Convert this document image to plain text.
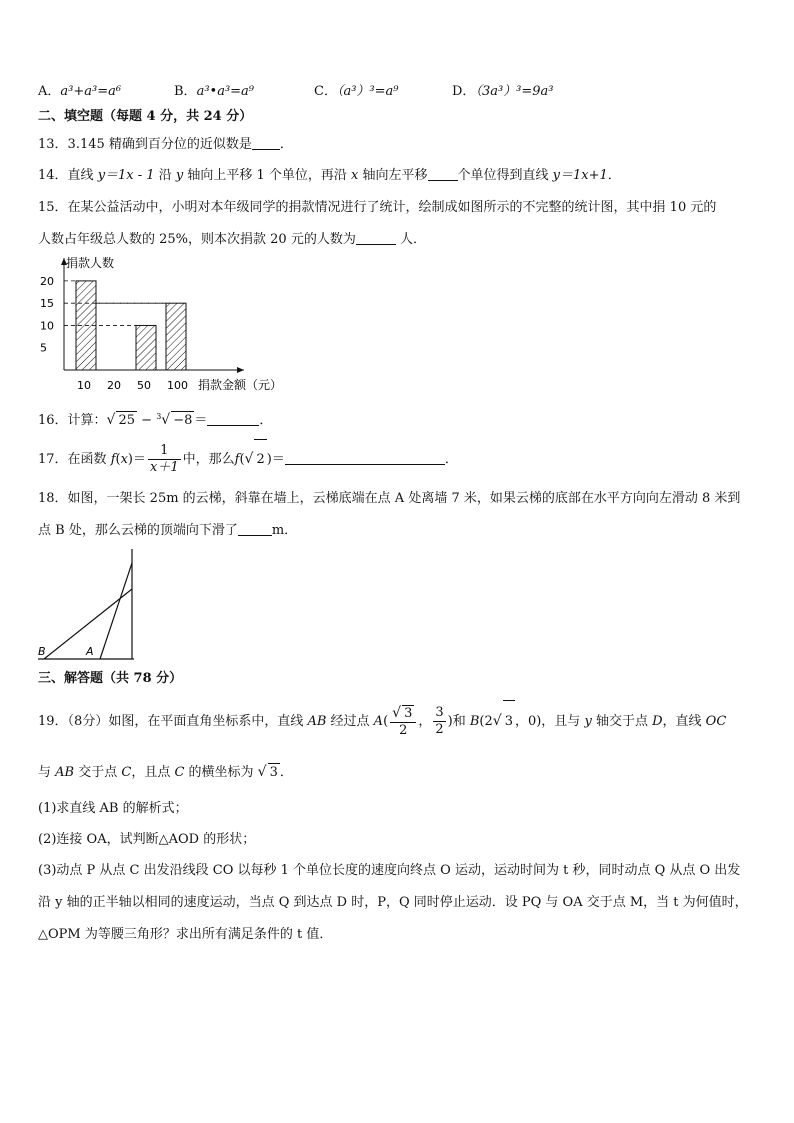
A．a³+a³=a⁶	B．a³•a³=a⁹	C．（a³）³=a⁹	D．（3a³）³=9a³
二、填空题（每题 4 分，共 24 分）
13．3.145 精确到百分位的近似数是 ．
14．直线 y＝1x - 1 沿 y 轴向上平移 1 个单位，再沿 x 轴向左平移 个单位得到直线 y＝1x+1．
15．在某公益活动中，小明对本年级同学的捐款情况进行了统计，绘制成如图所示的不完整的统计图，其中捐 10 元的
人数占年级总人数的 25%，则本次捐款 20 元的人数为	人．
捐款人数
20
15
10
5
10 20 50 100 捐款金额（元）
16．计算：√ 25 − $^3$√ −8 ＝	．
17．在函数 $f(x)= \frac{1}{x+1}$ 中，那么f(√ 2 )＝	．
18．如图，一架长 25m 的云梯，斜靠在墙上，云梯底端在点 A 处离墙 7 米，如果云梯的底部在水平方向向左滑动 8 米到
点 B 处，那么云梯的顶端向下滑了	m．
B	A
三、解答题（共 78 分）
19．（8分）如图，在平面直角坐标系中，直线 AB 经过点 $A( \frac{√ 3}{2}$ ， $\frac{3}{2}$ )和 B(2√ 3 ，0)，且与 y 轴交于点 D，直线 OC
与 AB 交于点 C，且点 C 的横坐标为 √ 3 ．
(1)求直线 AB 的解析式；
(2)连接 OA，试判断△AOD 的形状；
(3)动点 P 从点 C 出发沿线段 CO 以每秒 1 个单位长度的速度向终点 O 运动，运动时间为 t 秒，同时动点 Q 从点 O 出发
沿 y 轴的正半轴以相同的速度运动，当点 Q 到达点 D 时，P，Q 同时停止运动．设 PQ 与 OA 交于点 M，当 t 为何值时，
△OPM 为等腰三角形？求出所有满足条件的 t 值．
